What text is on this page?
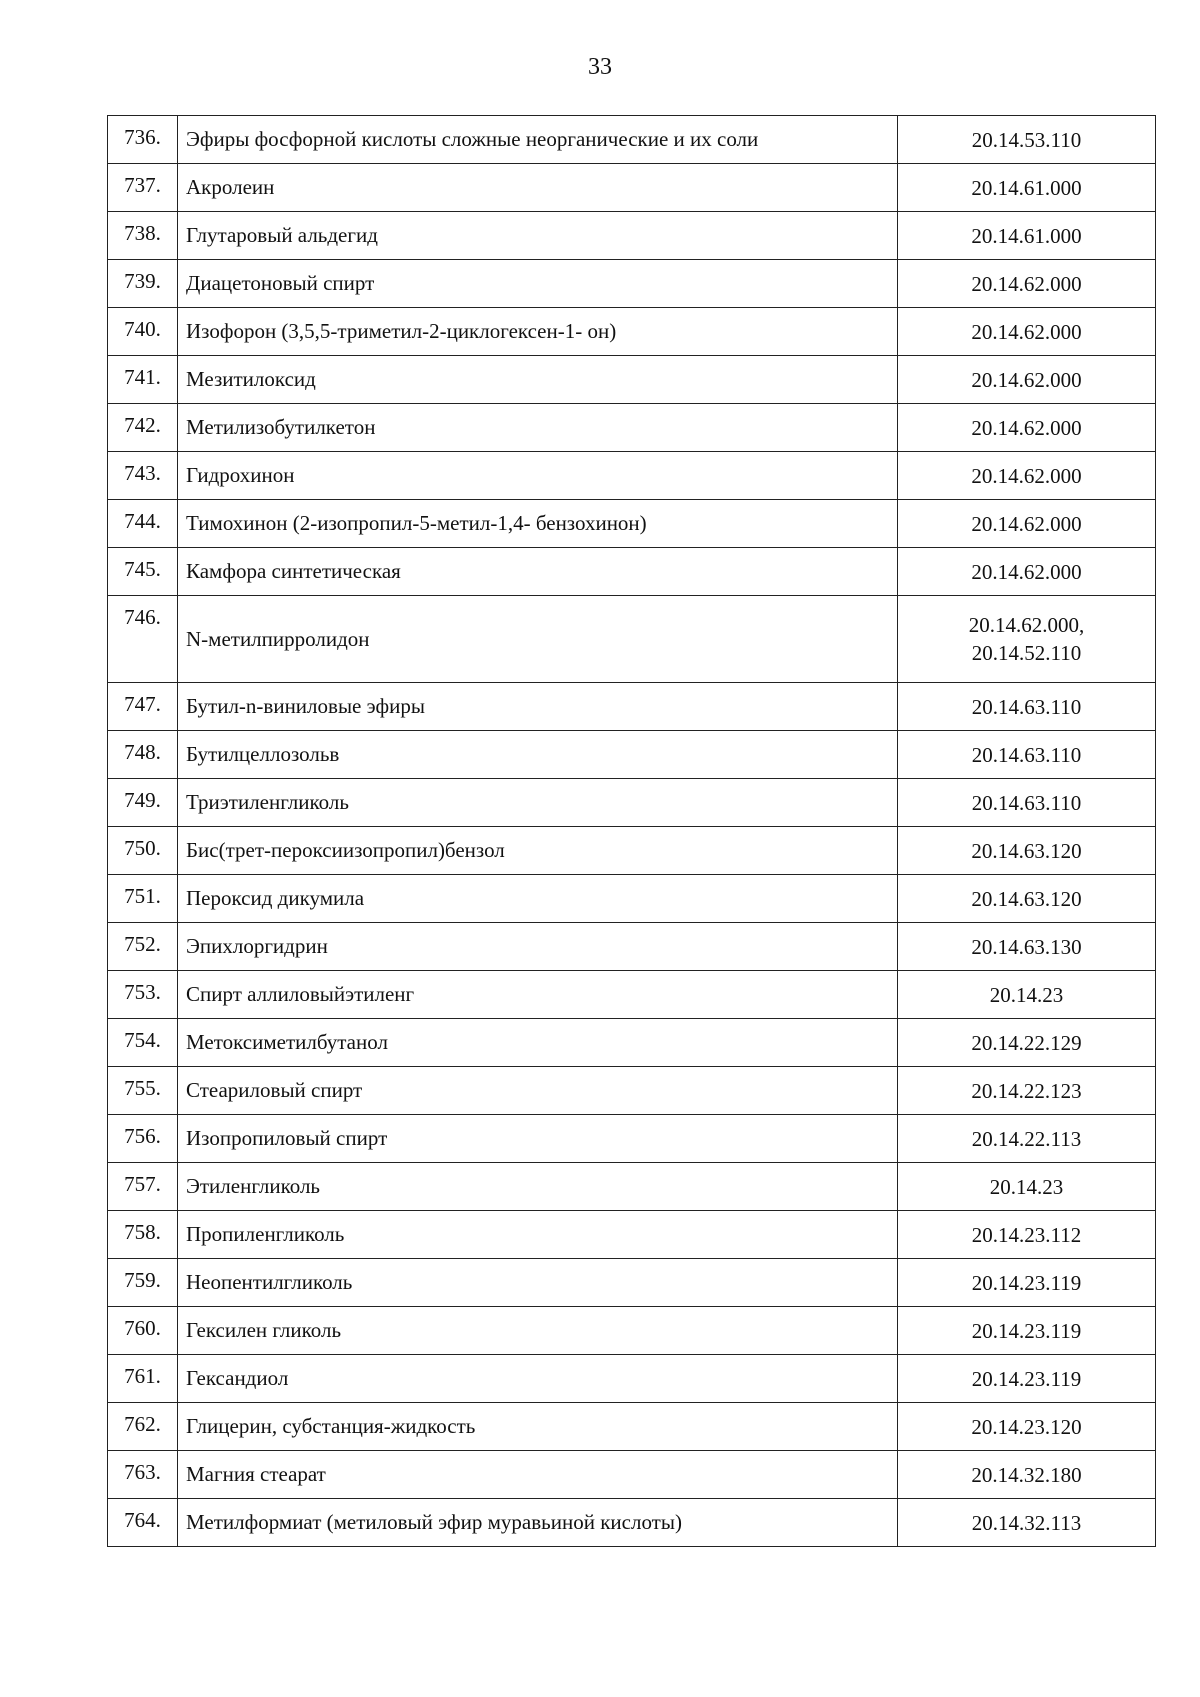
33
736.	Эфиры фосфорной кислоты сложные неорганические и их соли	20.14.53.110
737.	Акролеин	20.14.61.000
738.	Глутаровый альдегид	20.14.61.000
739.	Диацетоновый спирт	20.14.62.000
740.	Изофорон (3,5,5-триметил-2-циклогексен-1- он)	20.14.62.000
741.	Мезитилоксид	20.14.62.000
742.	Метилизобутилкетон	20.14.62.000
743.	Гидрохинон	20.14.62.000
744.	Тимохинон (2-изопропил-5-метил-1,4- бензохинон)	20.14.62.000
745.	Камфора синтетическая	20.14.62.000
746.	N-метилпирролидон	20.14.62.000,
20.14.52.110
747.	Бутил-n-виниловые эфиры	20.14.63.110
748.	Бутилцеллозольв	20.14.63.110
749.	Триэтиленгликоль	20.14.63.110
750.	Бис(трет-пероксиизопропил)бензол	20.14.63.120
751.	Пероксид дикумила	20.14.63.120
752.	Эпихлоргидрин	20.14.63.130
753.	Спирт аллиловыйэтиленг	20.14.23
754.	Метоксиметилбутанол	20.14.22.129
755.	Стеариловый спирт	20.14.22.123
756.	Изопропиловый спирт	20.14.22.113
757.	Этиленгликоль	20.14.23
758.	Пропиленгликоль	20.14.23.112
759.	Неопентилгликоль	20.14.23.119
760.	Гексилен гликоль	20.14.23.119
761.	Гександиол	20.14.23.119
762.	Глицерин, субстанция-жидкость	20.14.23.120
763.	Магния стеарат	20.14.32.180
764.	Метилформиат (метиловый эфир муравьиной кислоты)	20.14.32.113
